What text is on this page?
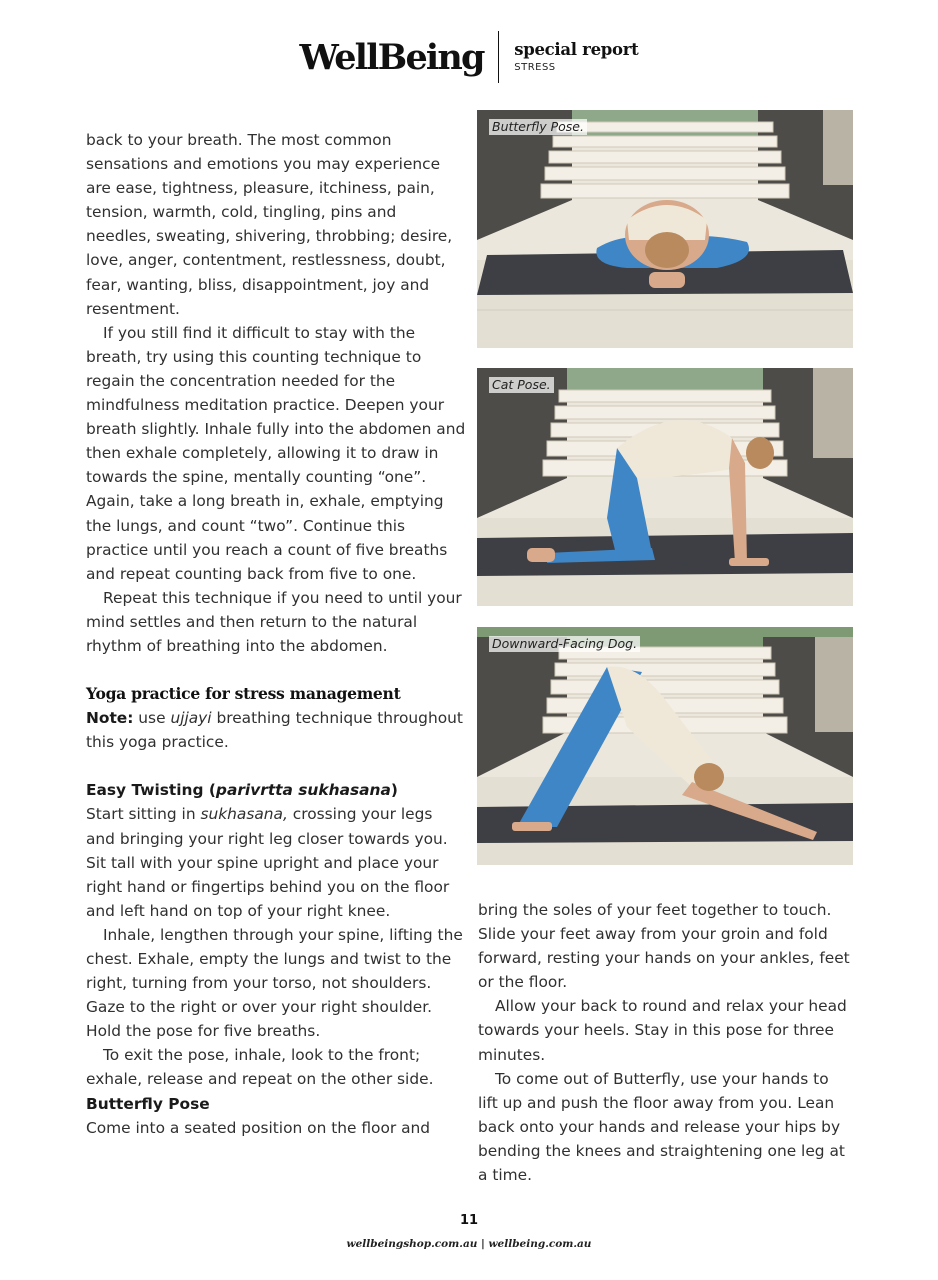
WellBeing	special report
STRESS

back to your breath. The most common sensations and emotions you may experience are ease, tightness, pleasure, itchiness, pain, tension, warmth, cold, tingling, pins and needles, sweating, shivering, throbbing; desire, love, anger, contentment, restlessness, doubt, fear, wanting, bliss, disappointment, joy and resentment.

If you still find it difficult to stay with the breath, try using this counting technique to regain the concentration needed for the mindfulness meditation practice. Deepen your breath slightly. Inhale fully into the abdomen and then exhale completely, allowing it to draw in towards the spine, mentally counting “one”. Again, take a long breath in, exhale, emptying the lungs, and count “two”. Continue this practice until you reach a count of five breaths and repeat counting back from five to one.

Repeat this technique if you need to until your mind settles and then return to the natural rhythm of breathing into the abdomen.

Yoga practice for stress management

Note: use ujjayi breathing technique throughout this yoga practice.

Easy Twisting (parivrtta sukhasana)

Start sitting in sukhasana, crossing your legs and bringing your right leg closer towards you. Sit tall with your spine upright and place your right hand or fingertips behind you on the floor and left hand on top of your right knee.

Inhale, lengthen through your spine, lifting the chest. Exhale, empty the lungs and twist to the right, turning from your torso, not shoulders. Gaze to the right or over your right shoulder. Hold the pose for five breaths.

To exit the pose, inhale, look to the front; exhale, release and repeat on the other side.

Butterfly Pose

Come into a seated position on the floor and

Butterfly Pose.
Cat Pose.
Downward-Facing Dog.

bring the soles of your feet together to touch. Slide your feet away from your groin and fold forward, resting your hands on your ankles, feet or the floor.

Allow your back to round and relax your head towards your heels. Stay in this pose for three minutes.

To come out of Butterfly, use your hands to lift up and push the floor away from you. Lean back onto your hands and release your hips by bending the knees and straightening one leg at a time.

11
wellbeingshop.com.au | wellbeing.com.au
